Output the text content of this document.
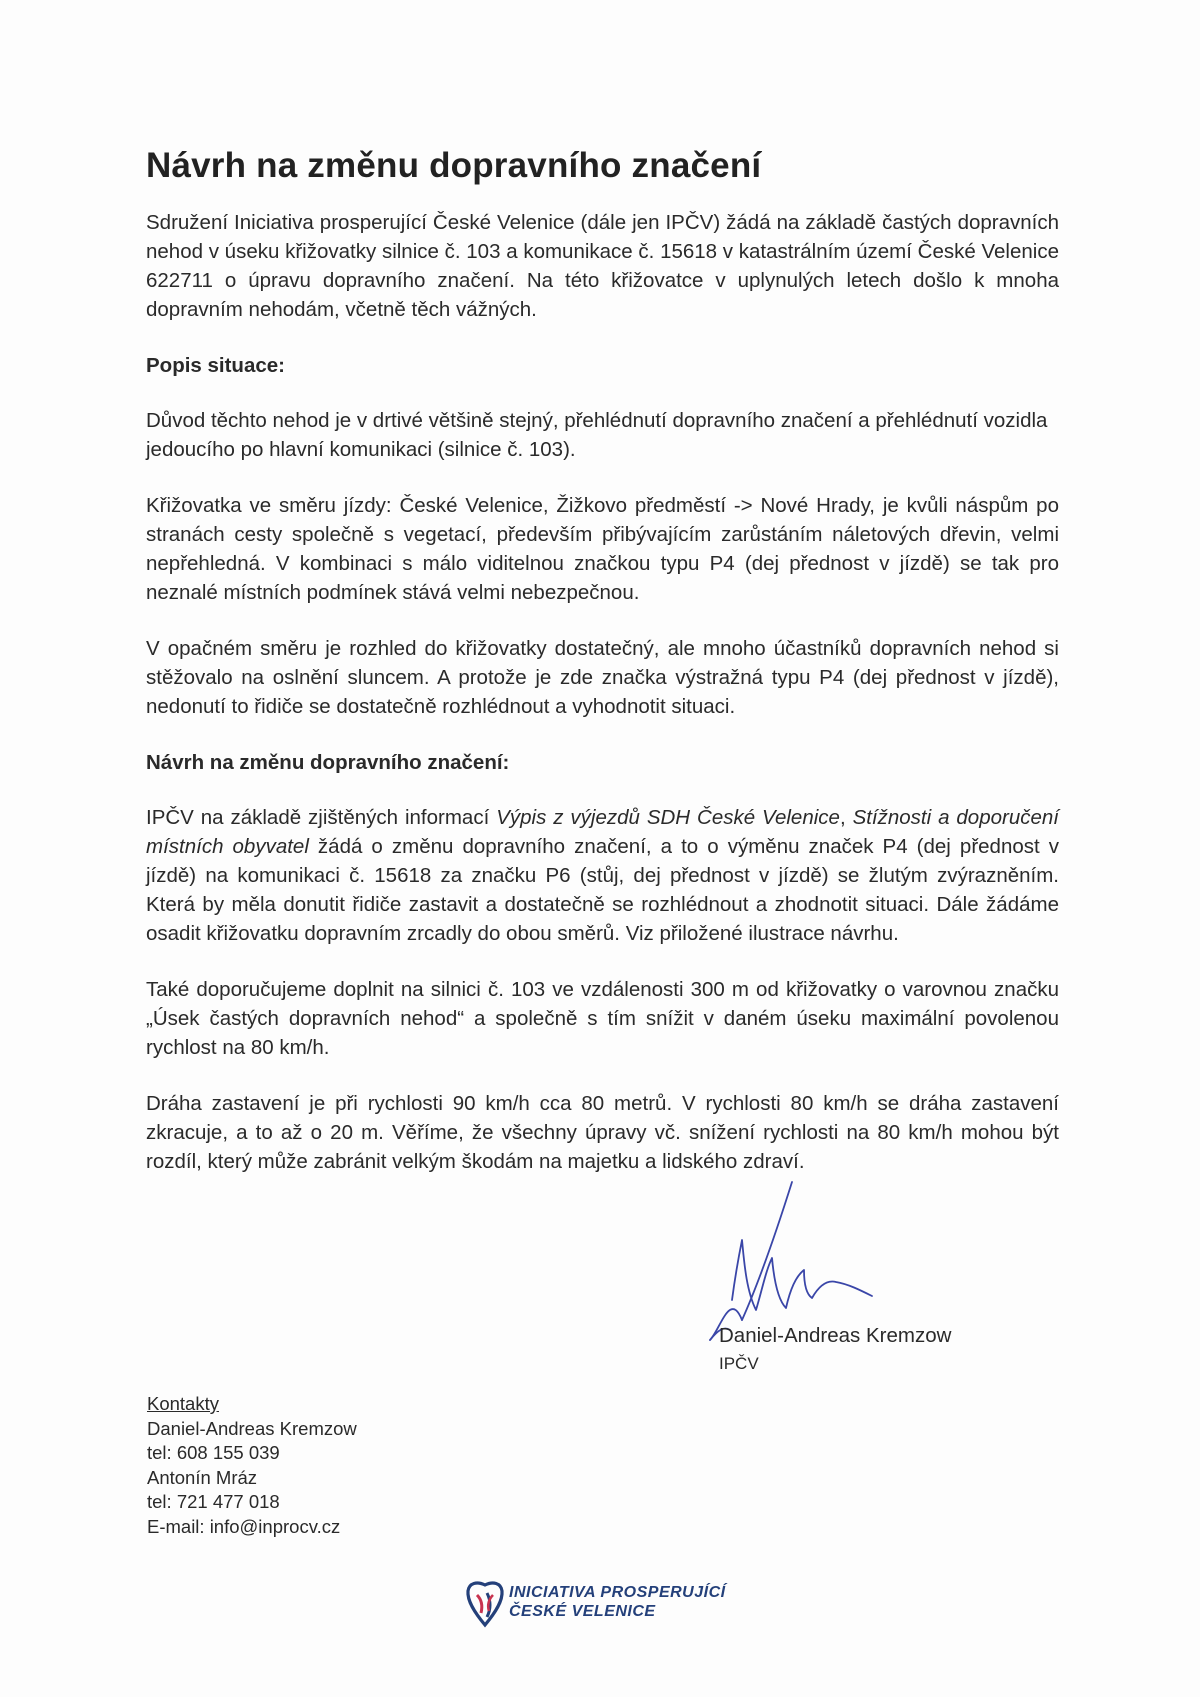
Návrh na změnu dopravního značení

Sdružení Iniciativa prosperující České Velenice (dále jen IPČV) žádá na základě častých dopravních nehod v úseku křižovatky silnice č. 103 a komunikace č. 15618 v katastrálním území České Velenice 622711 o úpravu dopravního značení. Na této křižovatce v uplynulých letech došlo k mnoha dopravním nehodám, včetně těch vážných.

Popis situace:

Důvod těchto nehod je v drtivé většině stejný, přehlédnutí dopravního značení a přehlédnutí vozidla jedoucího po hlavní komunikaci (silnice č. 103).

Křižovatka ve směru jízdy: České Velenice, Žižkovo předměstí -> Nové Hrady, je kvůli náspům po stranách cesty společně s vegetací, především přibývajícím zarůstáním náletových dřevin, velmi nepřehledná. V kombinaci s málo viditelnou značkou typu P4 (dej přednost v jízdě) se tak pro neznalé místních podmínek stává velmi nebezpečnou.

V opačném směru je rozhled do křižovatky dostatečný, ale mnoho účastníků dopravních nehod si stěžovalo na oslnění sluncem. A protože je zde značka výstražná typu P4 (dej přednost v jízdě), nedonutí to řidiče se dostatečně rozhlédnout a vyhodnotit situaci.

Návrh na změnu dopravního značení:

IPČV na základě zjištěných informací Výpis z výjezdů SDH České Velenice, Stížnosti a doporučení místních obyvatel žádá o změnu dopravního značení, a to o výměnu značek P4 (dej přednost v jízdě) na komunikaci č. 15618 za značku P6 (stůj, dej přednost v jízdě) se žlutým zvýrazněním. Která by měla donutit řidiče zastavit a dostatečně se rozhlédnout a zhodnotit situaci. Dále žádáme osadit křižovatku dopravním zrcadly do obou směrů. Viz přiložené ilustrace návrhu.

Také doporučujeme doplnit na silnici č. 103 ve vzdálenosti 300 m od křižovatky o varovnou značku „Úsek častých dopravních nehod“ a společně s tím snížit v daném úseku maximální povolenou rychlost na 80 km/h.

Dráha zastavení je při rychlosti 90 km/h cca 80 metrů. V rychlosti 80 km/h se dráha zastavení zkracuje, a to až o 20 m. Věříme, že všechny úpravy vč. snížení rychlosti na 80 km/h mohou být rozdíl, který může zabránit velkým škodám na majetku a lidského zdraví.

Daniel-Andreas Kremzow
IPČV
Kontakty
Daniel-Andreas Kremzow
tel: 608 155 039
Antonín Mráz
tel: 721 477 018
E-mail: info@inprocv.cz
INICIATIVA PROSPERUJÍCÍ
ČESKÉ VELENICE
